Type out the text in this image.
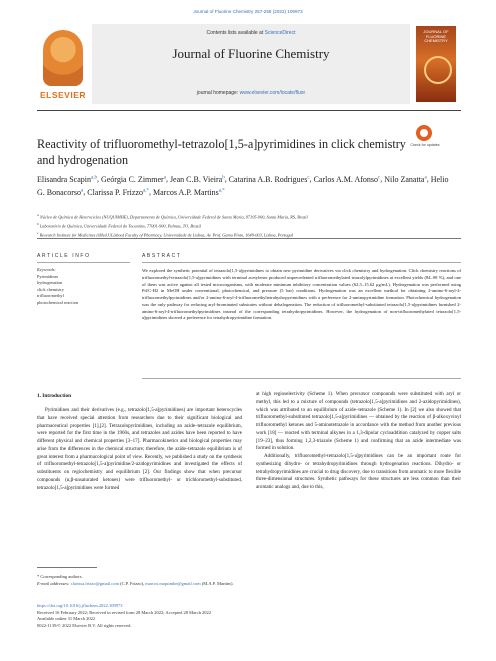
Journal of Fluorine Chemistry 257-258 (2022) 109973
ELSEVIER
Contents lists available at ScienceDirect
Journal of Fluorine Chemistry
journal homepage: www.elsevier.com/locate/fluor
JOURNAL OF FLUORINE CHEMISTRY
Reactivity of trifluoromethyl-tetrazolo[1,5-a]pyrimidines in click chemistry and hydrogenation
Check for updates
Elisandra Scapin$^{a,b}$, Geórgia C. Zimmer$^a$, Jean C.B. Vieira$^b$, Catarina A.B. Rodrigues$^c$, Carlos A.M. Afonso$^c$, Nilo Zanatta$^a$, Helio G. Bonacorso$^a$, Clarissa P. Frizzo$^{a,*}$, Marcos A.P. Martins$^{a,*}$
$^a$ Núcleo de Química de Heterociclos (NUQUIMHE), Departamento de Química, Universidade Federal de Santa Maria, 97105-900, Santa Maria, RS, Brazil
$^b$ Laboratório de Química, Universidade Federal do Tocantins, 77001-900, Palmas, TO, Brazil
$^c$ Research Institute for Medicines (iMed.ULisboa) Faculty of Pharmacy, Universidade de Lisboa, Av. Prof. Gama Pinto, 1649-003, Lisboa, Portugal
ARTICLE INFO	ABSTRACT
Keywords:
Pyrimidines
hydrogenation
click chemistry
trifluoromethyl
photochemical reaction
We explored the synthetic potential of tetrazolo[1,5-a]pyrimidines to obtain new pyrimidine derivatives via click chemistry and hydrogenation. Click chemistry reactions of trifluoromethyl-tetrazolo[1,5-a]pyrimidines with terminal acetylenes produced unprecedented trifluoromethylated triazolylpyrimidines at excellent yields (84–98 %), and one of them was active against all tested microorganisms, with moderate minimum inhibitory concentration values (62.5–15.62 μg/mL). Hydrogenation was performed using Pd/C-H2 in MeOH under conventional, photochemical, and pressure (5 bar) conditions. Hydrogenation was an excellent method for obtaining 2-amino-6-aryl-4-trifluoromethylpyrimidines and/or 2-amino-6-aryl-4-trifluoromethyltetrahydropyrimidines with a preference for 2-aminopyrimidine formation. Photochemical hydrogenation was the only pathway for reducing aryl-brominated substrates without dehalogenation. The reduction of trifluoromethyl-substituted tetrazolo[1,5-a]pyrimidines furnished 2-amino-6-aryl-4-trifluoromethylpyrimidines instead of the corresponding tetrahydropyrimidines. However, the hydrogenation of non-trifluoromethylated tetrazolo[1,5-a]pyrimidines showed a preference for tetrahydropyrimidine formation.
1. Introduction

Pyrimidines and their derivatives (e.g., tetrazolo[1,5-a]pyrimidines) are important heterocycles that have received special attention from researchers due to their significant biological and pharmaceutical properties [1],[2]. Tetrazolopyrimidines, including an azide–tetrazole equilibrium, were reported for the first time in the 1960s, and tetrazoles and azides have been reported to have different physical and chemical properties [3–17]. Pharmacokinetics and biological properties may arise from the differences in the chemical structure; therefore, the azide–tetrazole equilibrium is of great interest from a pharmacological point of view. Recently, we published a study on the synthesis of trifluoromethyl-tetrazolo[1,5-a]pyrimidine/2-azidopyrimidines and investigated the effects of substituents on regiochemistry and equilibrium [2]. Our findings show that when precursor compounds (α,β-unsaturated ketones) were trifluoromethyl- or trichloromethyl-substituted, tetrazolo[1,5-a]pyrimidines were formed

at high regioselectivity (Scheme 1). When precursor compounds were substituted with aryl or methyl, this led to a mixture of compounds (tetrazolo[1,5-a]pyrimidines and 2-azidopyrimidines), which was attributed to an equilibrium of azide–tetrazole (Scheme 1). In [2] we also showed that trifluoromethyl-substituted tetrazolo[1,5-a]pyrimidines — obtained by the reaction of β-alkoxyvinyl trifluoromethyl ketones and 5-aminotetrazole in accordance with the method from another previous work [18] — reacted with terminal alkynes in a 1,3-dipolar cycloaddition catalyzed by copper salts [19–23], thus forming 1,2,3-triazole (Scheme 1) and confirming that an azide intermediate was formed in solution.

Additionally, trifluoromethyl-tetrazolo[1,5-a]pyrimidines can be an important route for synthesizing dihydro- or tetrahydropyrimidines through hydrogenation reactions. Dihydro- or tetrahydropyrimidines are crucial to drug discovery, due to transitions from aromatic to more flexible three-dimensional structures. Synthetic pathways for these structures are less common than their aromatic analogs and, due to this,

* Corresponding authors.
E-mail addresses: clarissa.frizzo@gmail.com (C.P. Frizzo), marcos.nuquimhe@gmail.com (M.A.P. Martins).
https://doi.org/10.1016/j.jfluchem.2022.109973
Received 16 February 2022; Received in revised form 28 March 2022; Accepted 28 March 2022
Available online 31 March 2022
0022-1139/© 2022 Elsevier B.V. All rights reserved.
